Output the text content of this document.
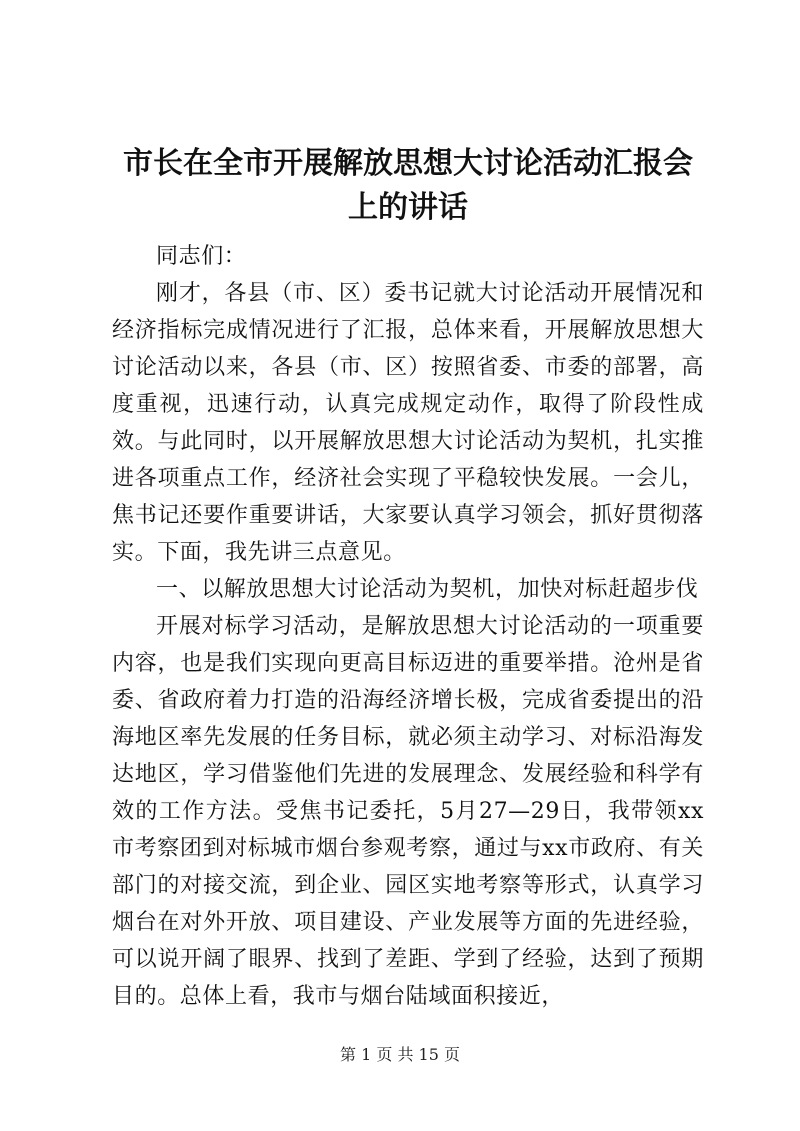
市长在全市开展解放思想大讨论活动汇报会上的讲话

同志们：

刚才，各县（市、区）委书记就大讨论活动开展情况和经济指标完成情况进行了汇报，总体来看，开展解放思想大讨论活动以来，各县（市、区）按照省委、市委的部署，高度重视，迅速行动，认真完成规定动作，取得了阶段性成效。与此同时，以开展解放思想大讨论活动为契机，扎实推进各项重点工作，经济社会实现了平稳较快发展。一会儿，焦书记还要作重要讲话，大家要认真学习领会，抓好贯彻落实。下面，我先讲三点意见。

一、以解放思想大讨论活动为契机，加快对标赶超步伐

开展对标学习活动，是解放思想大讨论活动的一项重要内容，也是我们实现向更高目标迈进的重要举措。沧州是省委、省政府着力打造的沿海经济增长极，完成省委提出的沿海地区率先发展的任务目标，就必须主动学习、对标沿海发达地区，学习借鉴他们先进的发展理念、发展经验和科学有效的工作方法。受焦书记委托，5月27—29日，我带领xx市考察团到对标城市烟台参观考察，通过与xx市政府、有关部门的对接交流，到企业、园区实地考察等形式，认真学习烟台在对外开放、项目建设、产业发展等方面的先进经验，可以说开阔了眼界、找到了差距、学到了经验，达到了预期目的。总体上看，我市与烟台陆域面积接近，

第 1 页 共 15 页
